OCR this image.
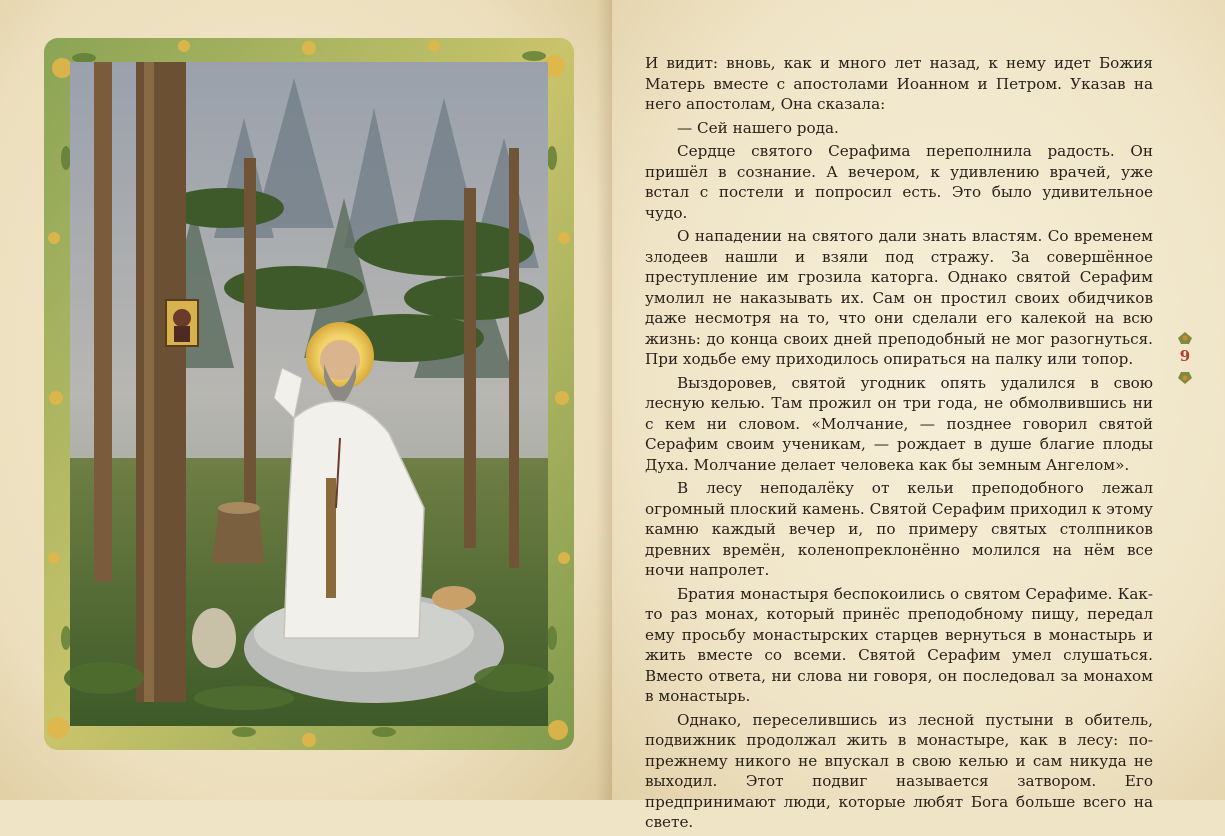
И видит: вновь, как и много лет назад, к нему идет Божия Матерь вместе с апостолами Иоанном и Петром. Указав на него апостолам, Она сказала:

— Сей нашего рода.

Сердце святого Серафима переполнила радость. Он пришёл в сознание. А вечером, к удивлению врачей, уже встал с постели и попросил есть. Это было удивительное чудо.

О нападении на святого дали знать властям. Со временем злодеев нашли и взяли под стражу. За совершённое преступление им грозила каторга. Однако святой Серафим умолил не наказывать их. Сам он простил своих обидчиков даже несмотря на то, что они сделали его калекой на всю жизнь: до конца своих дней преподобный не мог разогнуться. При ходьбе ему приходилось опираться на палку или топор.

Выздоровев, святой угодник опять удалился в свою лесную келью. Там прожил он три года, не обмолвившись ни с кем ни словом. «Молчание, — позднее говорил святой Серафим своим ученикам, — рождает в душе благие плоды Духа. Молчание делает человека как бы земным Ангелом».

В лесу неподалёку от кельи преподобного лежал огромный плоский камень. Святой Серафим приходил к этому камню каждый вечер и, по примеру святых столпников древних времён, коленопреклонённо молился на нём все ночи напролет.

Братия монастыря беспокоились о святом Серафиме. Как-то раз монах, который принёс преподобному пищу, передал ему просьбу монастырских старцев вернуться в монастырь и жить вместе со всеми. Святой Серафим умел слушаться. Вместо ответа, ни слова ни говоря, он последовал за монахом в монастырь.

Однако, переселившись из лесной пустыни в обитель, подвижник продолжал жить в монастыре, как в лесу: по-прежнему никого не впускал в свою келью и сам никуда не выходил. Этот подвиг называется затвором. Его предпринимают люди, которые любят Бога больше всего на свете.

9
